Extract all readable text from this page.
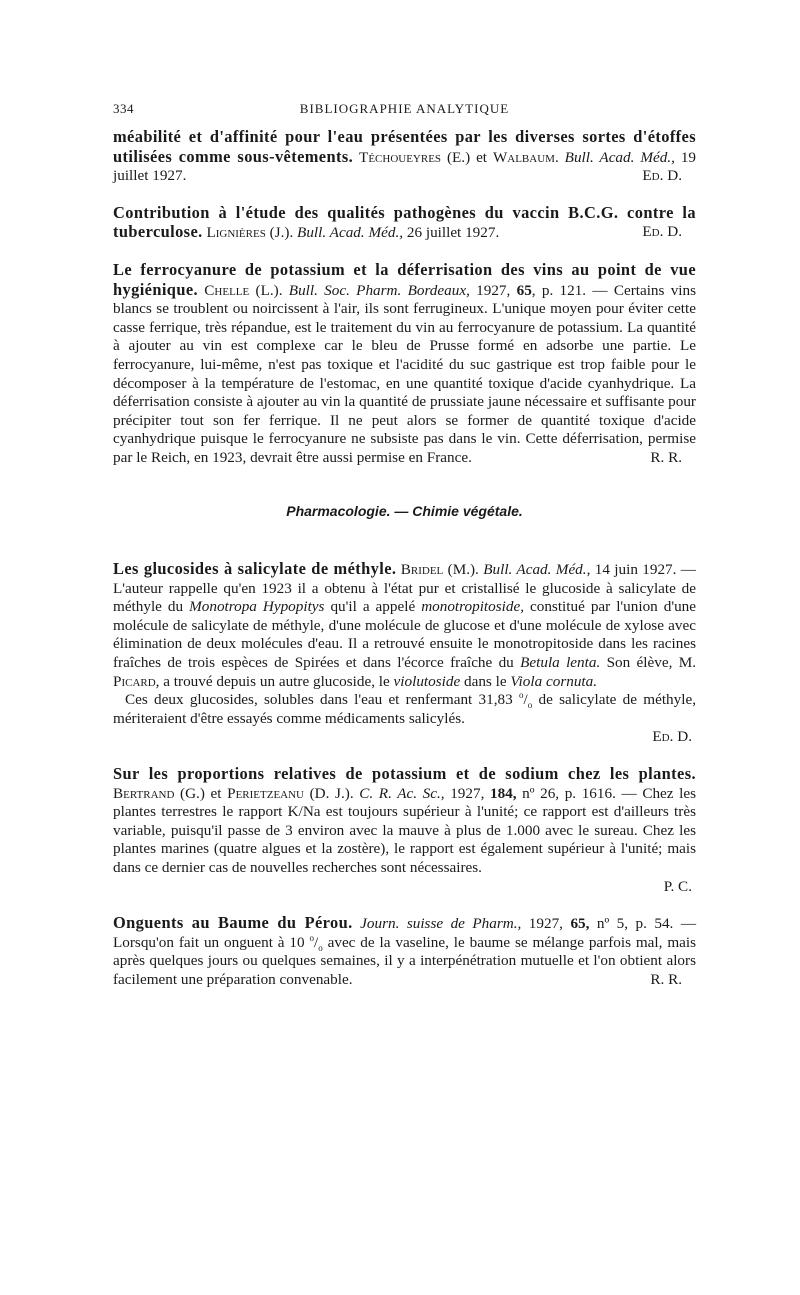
334	BIBLIOGRAPHIE ANALYTIQUE
méabilité et d'affinité pour l'eau présentées par les diverses sortes d'étoffes utilisées comme sous-vêtements. Téchoueyres (E.) et Walbaum. Bull. Acad. Méd., 19 juillet 1927.	Ed. D.
Contribution à l'étude des qualités pathogènes du vaccin B.C.G. contre la tuberculose. Lignières (J.). Bull. Acad. Méd., 26 juillet 1927.	Ed. D.

Le ferrocyanure de potassium et la déferrisation des vins au point de vue hygiénique. Chelle (L.). Bull. Soc. Pharm. Bordeaux, 1927, 65, p. 121. — Certains vins blancs se troublent ou noircissent à l'air, ils sont ferrugineux. L'unique moyen pour éviter cette casse ferrique, très répandue, est le traitement du vin au ferrocyanure de potassium. La quantité à ajouter au vin est complexe car le bleu de Prusse formé en adsorbe une partie. Le ferrocyanure, lui-même, n'est pas toxique et l'acidité du suc gastrique est trop faible pour le décomposer à la température de l'estomac, en une quantité toxique d'acide cyanhydrique. La déferrisation consiste à ajouter au vin la quantité de prussiate jaune nécessaire et suffisante pour précipiter tout son fer ferrique. Il ne peut alors se former de quantité toxique d'acide cyanhydrique puisque le ferrocyanure ne subsiste pas dans le vin. Cette déferrisation, permise par le Reich, en 1923, devrait être aussi permise en France.	R. R.

Pharmacologie. — Chimie végétale.

Les glucosides à salicylate de méthyle. Bridel (M.). Bull. Acad. Méd., 14 juin 1927. — L'auteur rappelle qu'en 1923 il a obtenu à l'état pur et cristallisé le glucoside à salicylate de méthyle du Monotropa Hypopitys qu'il a appelé monotropitoside, constitué par l'union d'une molécule de salicylate de méthyle, d'une molécule de glucose et d'une molécule de xylose avec élimination de deux molécules d'eau. Il a retrouvé ensuite le monotropitoside dans les racines fraîches de trois espèces de Spirées et dans l'écorce fraîche du Betula lenta. Son élève, M. Picard, a trouvé depuis un autre glucoside, le violutoside dans le Viola cornuta.

Ces deux glucosides, solubles dans l'eau et renfermant 31,83 $^o/_o$ de salicylate de méthyle, mériteraient d'être essayés comme médicaments salicylés.

Ed. D.

Sur les proportions relatives de potassium et de sodium chez les plantes. Bertrand (G.) et Perietzeanu (D. J.). C. R. Ac. Sc., 1927, 184, nº 26, p. 1616. — Chez les plantes terrestres le rapport K/Na est toujours supérieur à l'unité; ce rapport est d'ailleurs très variable, puisqu'il passe de 3 environ avec la mauve à plus de 1.000 avec le sureau. Chez les plantes marines (quatre algues et la zostère), le rapport est également supérieur à l'unité; mais dans ce dernier cas de nouvelles recherches sont nécessaires.

P. C.

Onguents au Baume du Pérou. Journ. suisse de Pharm., 1927, 65, nº 5, p. 54. — Lorsqu'on fait un onguent à 10 $^o/_o$ avec de la vaseline, le baume se mélange parfois mal, mais après quelques jours ou quelques semaines, il y a interpénétration mutuelle et l'on obtient alors facilement une préparation convenable.	R. R.
